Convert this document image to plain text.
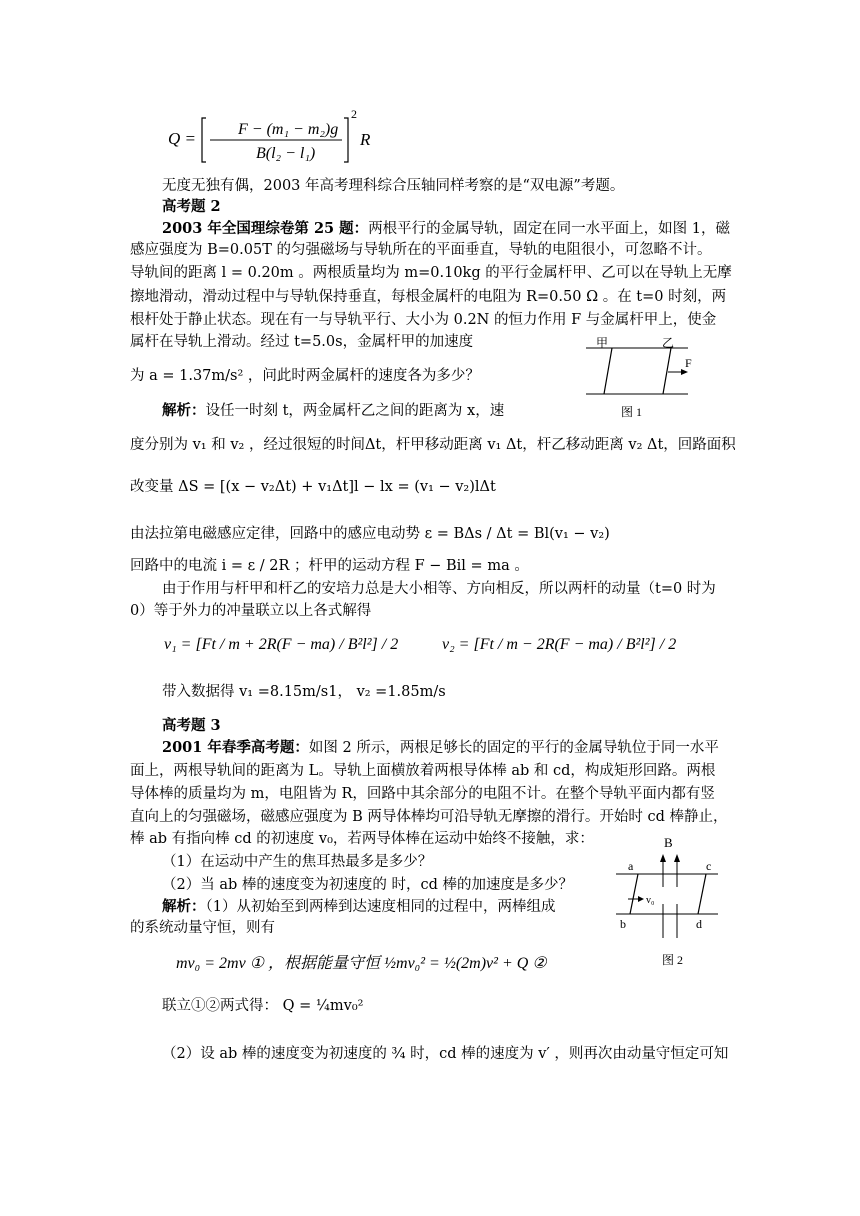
Q =	F − (m₁ − m₂)g
B(l₂ − l₁)
2
R
无度无独有偶，2003 年高考理科综合压轴同样考察的是“双电源”考题。
高考题 2
2003 年全国理综卷第 25 题：两根平行的金属导轨，固定在同一水平面上，如图 1，磁
感应强度为 B=0.05T 的匀强磁场与导轨所在的平面垂直，导轨的电阻很小，可忽略不计。
导轨间的距离 l = 0.20m 。两根质量均为 m=0.10kg 的平行金属杆甲、乙可以在导轨上无摩
擦地滑动，滑动过程中与导轨保持垂直，每根金属杆的电阻为 R=0.50 Ω 。在 t=0 时刻，两
根杆处于静止状态。现在有一与导轨平行、大小为 0.2N 的恒力作用 F 与金属杆甲上，使金
属杆在导轨上滑动。经过 t=5.0s，金属杆甲的加速度
为 a = 1.37m/s² ，问此时两金属杆的速度各为多少？
甲	乙
F
图 1
解析：设任一时刻 t，两金属杆乙之间的距离为 x，速
度分别为 v₁ 和 v₂ ，经过很短的时间Δt，杆甲移动距离 v₁ Δt，杆乙移动距离 v₂ Δt，回路面积
改变量 ΔS = [(x − v₂Δt) + v₁Δt]l − lx = (v₁ − v₂)lΔt
由法拉第电磁感应定律，回路中的感应电动势 ε = BΔs / Δt = Bl(v₁ − v₂)
回路中的电流 i = ε / 2R ；杆甲的运动方程 F − Bil = ma 。
由于作用与杆甲和杆乙的安培力总是大小相等、方向相反，所以两杆的动量（t=0 时为
0）等于外力的冲量联立以上各式解得
v₁ = [Ft / m + 2R(F − ma) / B²l²] / 2	v₂ = [Ft / m − 2R(F − ma) / B²l²] / 2
带入数据得 v₁ =8.15m/s1， v₂ =1.85m/s
高考题 3
2001 年春季高考题：如图 2 所示，两根足够长的固定的平行的金属导轨位于同一水平
面上，两根导轨间的距离为 L。导轨上面横放着两根导体棒 ab 和 cd，构成矩形回路。两根
导体棒的质量均为 m，电阻皆为 R，回路中其余部分的电阻不计。在整个导轨平面内都有竖
直向上的匀强磁场，磁感应强度为 B 两导体棒均可沿导轨无摩擦的滑行。开始时 cd 棒静止，
棒 ab 有指向棒 cd 的初速度 v₀，若两导体棒在运动中始终不接触，求：
（1）在运动中产生的焦耳热最多是多少？
（2）当 ab 棒的速度变为初速度的 时，cd 棒的加速度是多少？
解析：（1）从初始至到两棒到达速度相同的过程中，两棒组成
的系统动量守恒，则有
B
a	c
b	d
v₀
图 2
mv₀ = 2mv ① ，根据能量守恒 ½mv₀² = ½(2m)v² + Q ②
联立①②两式得： Q = ¼mv₀²
（2）设 ab 棒的速度变为初速度的 ¾ 时，cd 棒的速度为 v′ ，则再次由动量守恒定可知
